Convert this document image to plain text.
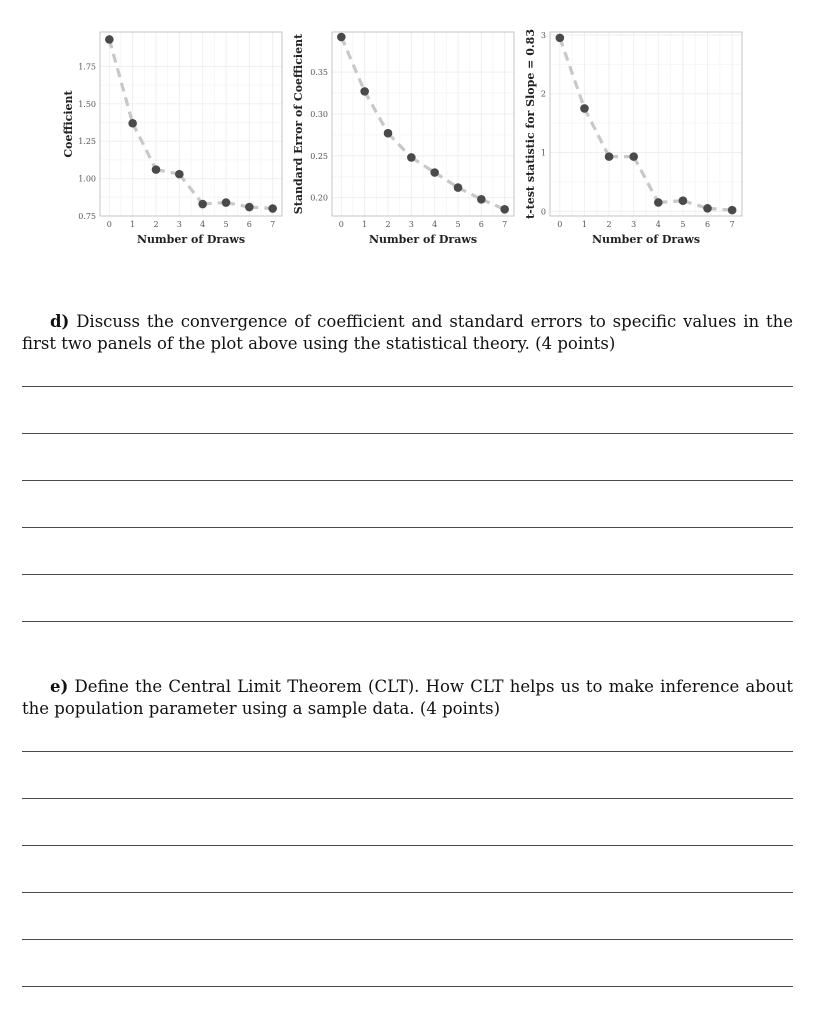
0 1 2 3 4 5 6 7
0.75
1.00
1.25
1.50
1.75
Number of Draws
Coefficient
0 1 2 3 4 5 6 7
0.20
0.25
0.30
0.35
Number of Draws
Standard Error of Coefficient
0 1 2 3 4 5 6 7
0
1
2
3
Number of Draws
t-test statistic for Slope = 0.83
d) Discuss the convergence of coefficient and standard errors to specific values in the first two panels of the plot above using the statistical theory. (4 points)
e) Define the Central Limit Theorem (CLT). How CLT helps us to make inference about the population parameter using a sample data. (4 points)
